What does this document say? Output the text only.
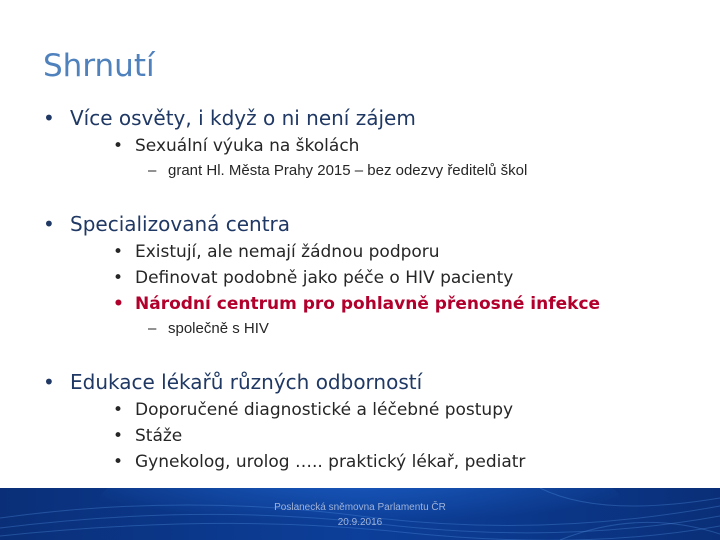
Shrnutí
• Více osvěty, i když o ni není zájem
• Sexuální výuka na školách
– grant Hl. Města Prahy 2015 – bez odezvy ředitelů škol
• Specializovaná centra
• Existují, ale nemají žádnou podporu
• Definovat podobně jako péče o HIV pacienty
• Národní centrum pro pohlavně přenosné infekce
– společně s HIV
• Edukace lékařů různých odborností
• Doporučené diagnostické a léčebné postupy
• Stáže
• Gynekolog, urolog ….. praktický lékař, pediatr
Poslanecká sněmovna Parlamentu ČR
20.9.2016
